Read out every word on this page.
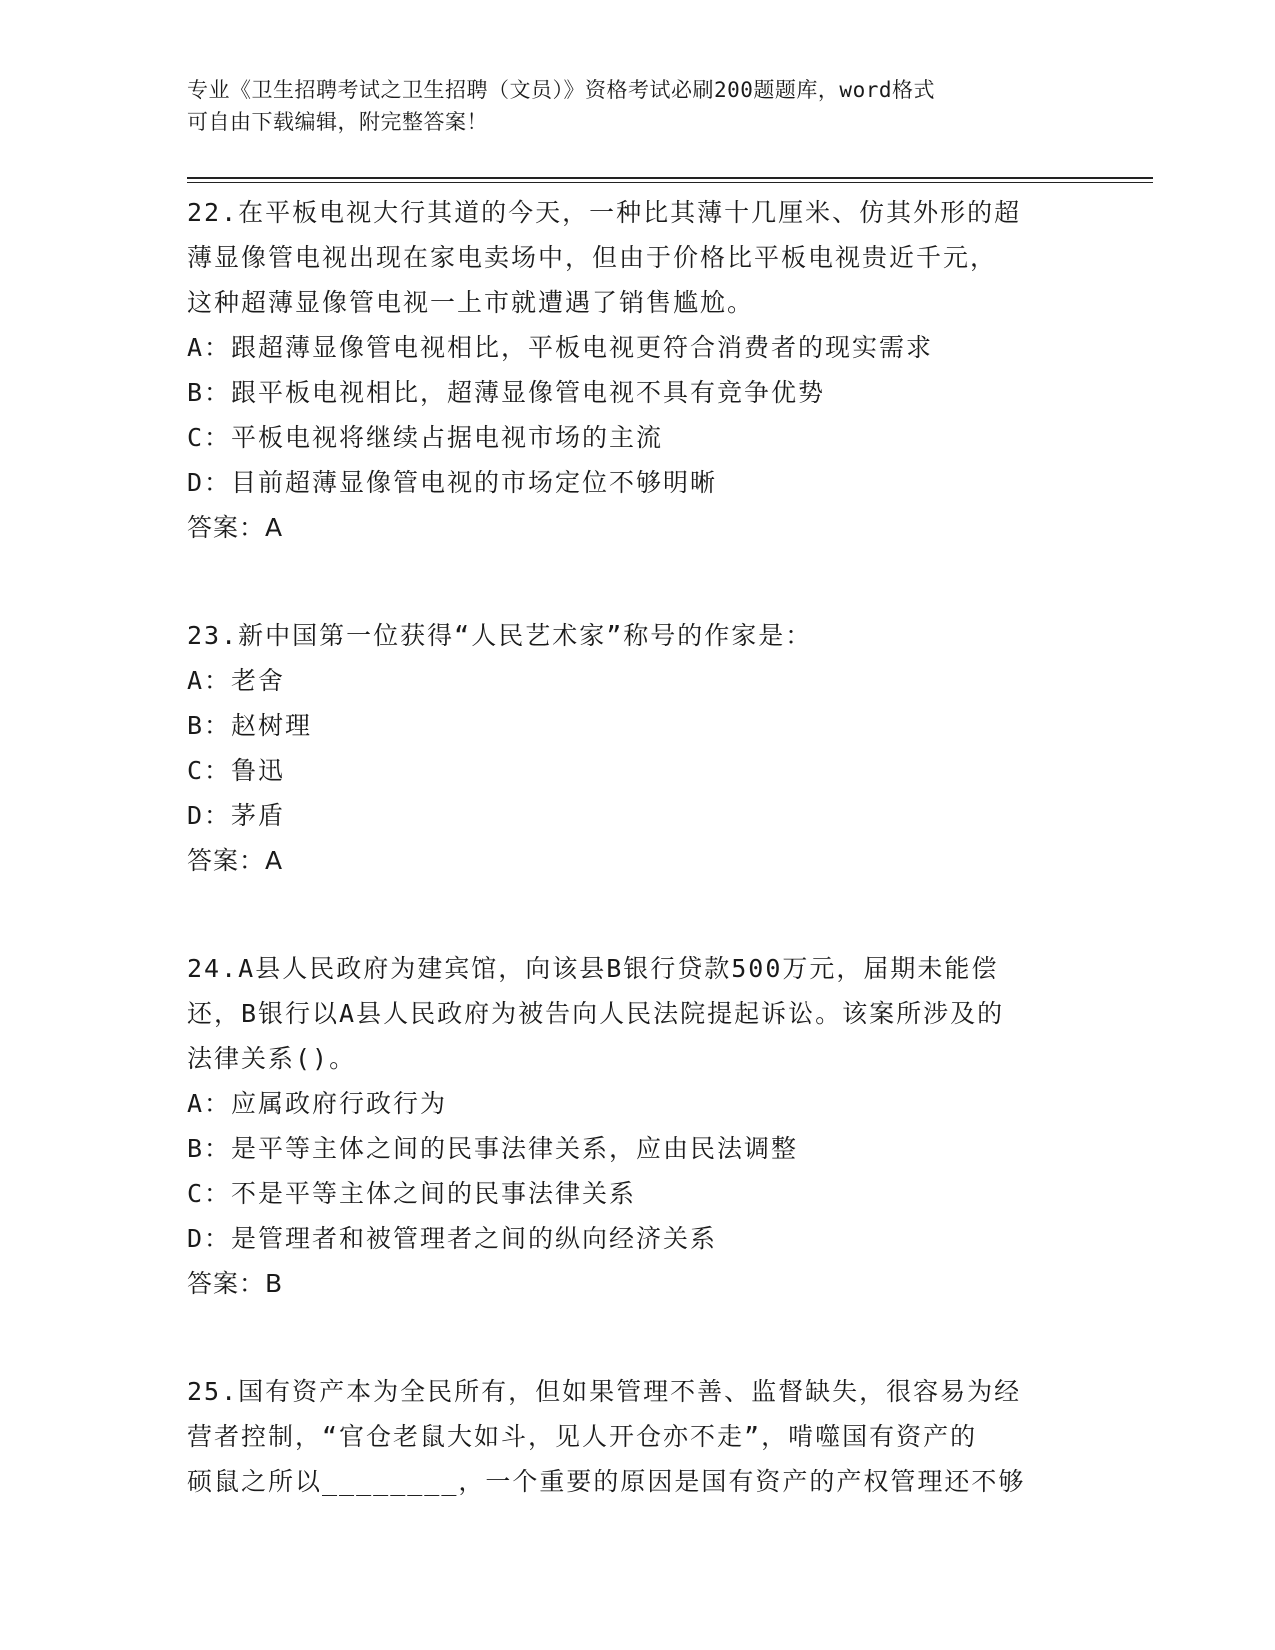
专业《卫生招聘考试之卫生招聘（文员）》资格考试必刷200题题库，word格式
可自由下载编辑，附完整答案！
22.在平板电视大行其道的今天，一种比其薄十几厘米、仿其外形的超
薄显像管电视出现在家电卖场中，但由于价格比平板电视贵近千元，
这种超薄显像管电视一上市就遭遇了销售尴尬。
A：跟超薄显像管电视相比，平板电视更符合消费者的现实需求
B：跟平板电视相比，超薄显像管电视不具有竞争优势
C：平板电视将继续占据电视市场的主流
D：目前超薄显像管电视的市场定位不够明晰
答案：A
23.新中国第一位获得“人民艺术家”称号的作家是：
A：老舍
B：赵树理
C：鲁迅
D：茅盾
答案：A
24.A县人民政府为建宾馆，向该县B银行贷款500万元，届期未能偿
还，B银行以A县人民政府为被告向人民法院提起诉讼。该案所涉及的
法律关系()。
A：应属政府行政行为
B：是平等主体之间的民事法律关系，应由民法调整
C：不是平等主体之间的民事法律关系
D：是管理者和被管理者之间的纵向经济关系
答案：B
25.国有资产本为全民所有，但如果管理不善、监督缺失，很容易为经
营者控制，“官仓老鼠大如斗，见人开仓亦不走”，啃噬国有资产的
硕鼠之所以________，一个重要的原因是国有资产的产权管理还不够
